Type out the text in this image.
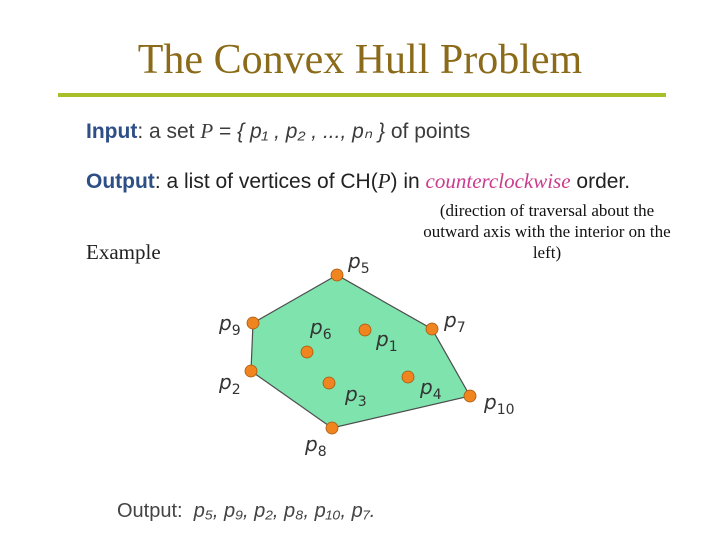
The Convex Hull Problem
Input: a set P = { p₁ , p₂ , ..., pₙ } of points
Output: a list of vertices of CH(P) in counterclockwise order.
(direction of traversal about the outward axis with the interior on the left)
Example	$p_5$
$p_9$	$p_6$ $p_1$
$p_7$
$p_2$	$p_3$
$p_4$ $p_{10}$
$p_8$
Output: p₅, p₉, p₂, p₈, p₁₀, p₇.
